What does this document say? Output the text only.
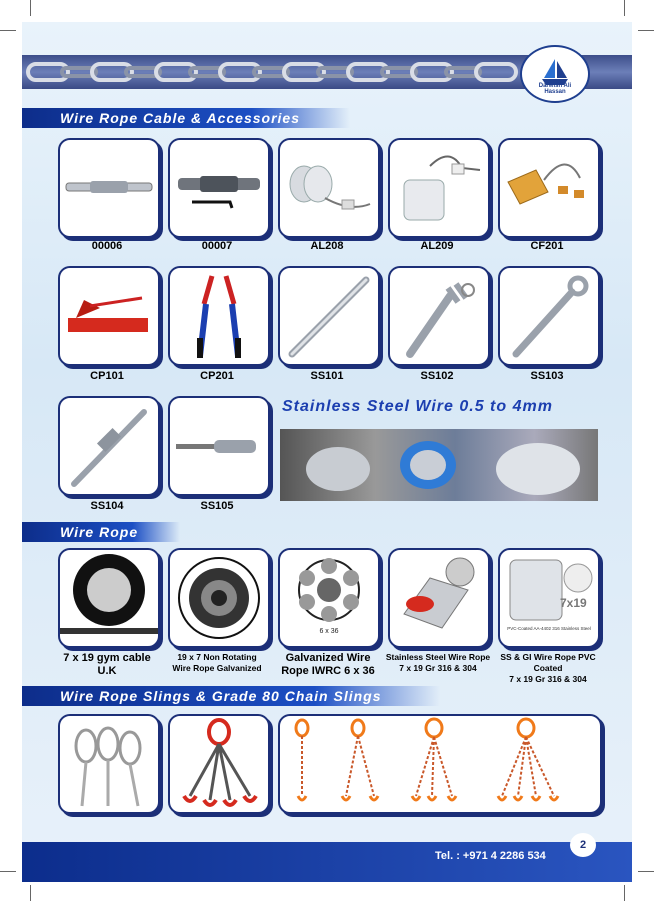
Darwish Ali Hassan
Wire Rope Cable & Accessories
00006	00007	AL208	AL209	CF201
CP101	CP201	SS101	SS102	SS103
SS104	SS105
Stainless Steel Wire 0.5 to 4mm
Wire Rope
6 x 36
7x19
PVC-Coated AA-4402 316 Stainless Steel
7 x 19 gym cable
U.K
19 x 7 Non Rotating
Wire Rope Galvanized
Galvanized Wire
Rope IWRC 6 x 36
Stainless Steel Wire Rope
7 x 19 Gr 316 & 304
SS & GI Wire Rope PVC Coated
7 x 19 Gr 316 & 304
Wire Rope Slings & Grade 80 Chain Slings
Tel. : +971 4 2286 534
2
